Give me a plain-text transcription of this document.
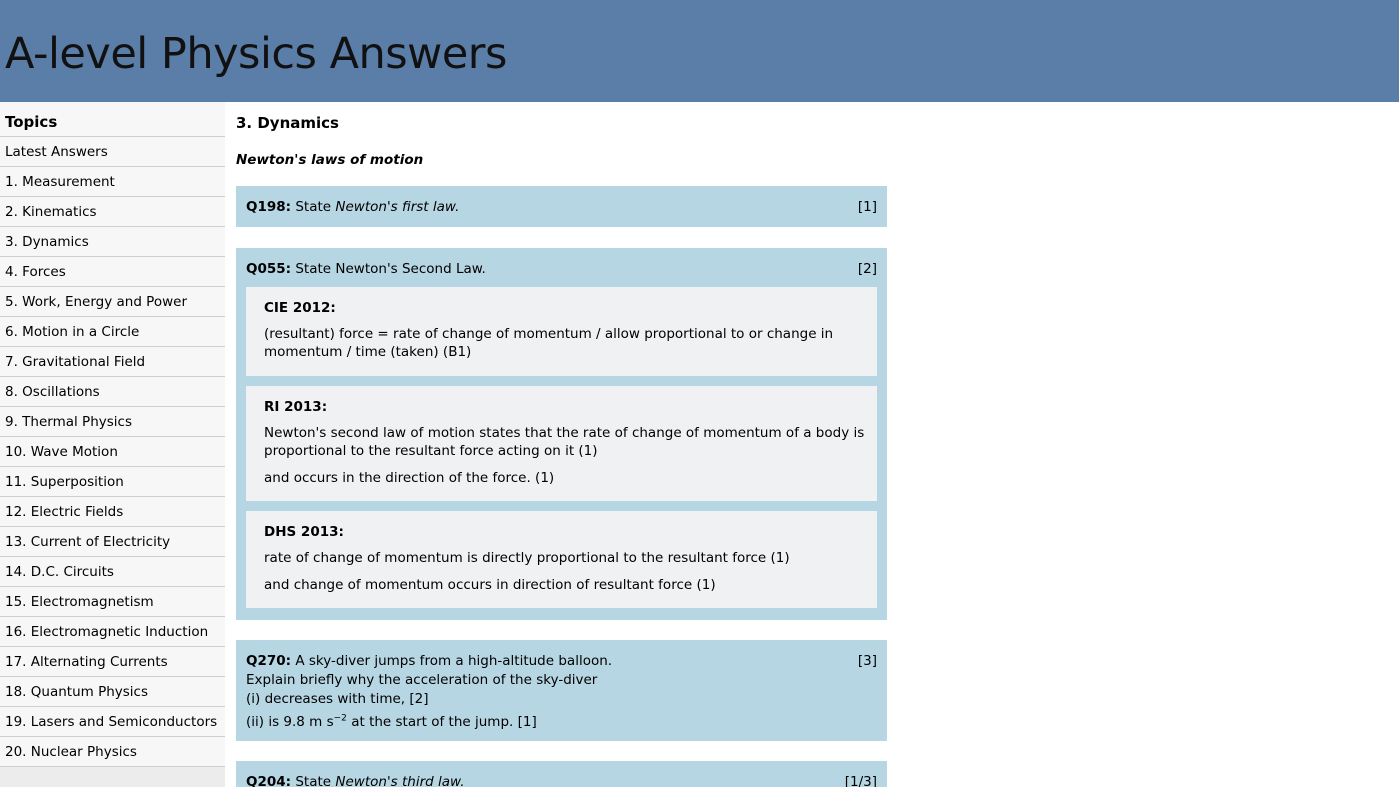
A-level Physics Answers
Topics
Latest Answers
1. Measurement
2. Kinematics
3. Dynamics
4. Forces
5. Work, Energy and Power
6. Motion in a Circle
7. Gravitational Field
8. Oscillations
9. Thermal Physics
10. Wave Motion
11. Superposition
12. Electric Fields
13. Current of Electricity
14. D.C. Circuits
15. Electromagnetism
16. Electromagnetic Induction
17. Alternating Currents
18. Quantum Physics
19. Lasers and Semiconductors
20. Nuclear Physics
3. Dynamics
Newton's laws of motion
Q198: State Newton's first law.	[1]
Q055: State Newton's Second Law.	[2]
CIE 2012:

(resultant) force = rate of change of momentum / allow proportional to or change in momentum / time (taken) (B1)

RI 2013:

Newton's second law of motion states that the rate of change of momentum of a body is proportional to the resultant force acting on it (1)

and occurs in the direction of the force. (1)

DHS 2013:

rate of change of momentum is directly proportional to the resultant force (1)

and change of momentum occurs in direction of resultant force (1)

Q270: A sky-diver jumps from a high-altitude balloon.
Explain briefly why the acceleration of the sky-diver
(i) decreases with time, [2]
(ii) is 9.8 m $s^{-2}$ at the start of the jump. [1]
[3]
Q204: State Newton's third law.	[1/3]
